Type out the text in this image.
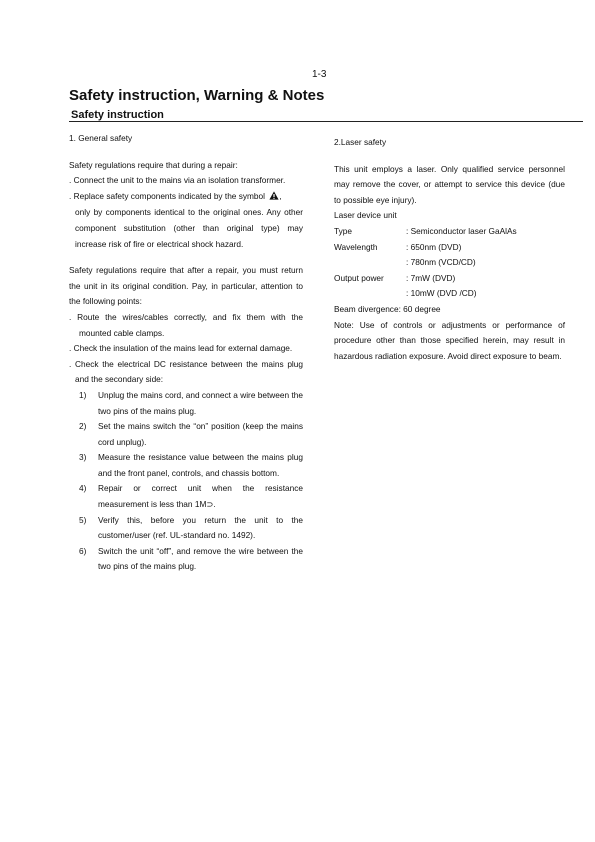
1-3
Safety instruction, Warning & Notes
Safety instruction

1. General safety

Safety regulations require that during a repair:

. Connect the unit to the mains via an isolation transformer.

. Replace safety components indicated by the symbol ,

only by components identical to the original ones. Any other component substitution (other than original type) may increase risk of fire or electrical shock hazard.

Safety regulations require that after a repair, you must return the unit in its original condition. Pay, in particular, attention to the following points:

. Route the wires/cables correctly, and fix them with the mounted cable clamps.

. Check the insulation of the mains lead for external damage.

. Check the electrical DC resistance between the mains plug and the secondary side:

1) Unplug the mains cord, and connect a wire between the two pins of the mains plug.
2) Set the mains switch the “on” position (keep the mains cord unplug).
3) Measure the resistance value between the mains plug and the front panel, controls, and chassis bottom.
4) Repair or correct unit when the resistance measurement is less than 1M⊃.
5) Verify this, before you return the unit to the customer/user (ref. UL-standard no. 1492).
6) Switch the unit “off”, and remove the wire between the two pins of the mains plug.

2.Laser safety

This unit employs a laser. Only qualified service personnel may remove the cover, or attempt to service this device (due to possible eye injury).

Laser device unit

Type	: Semiconductor laser GaAlAs
Wavelength	: 650nm (DVD)
: 780nm (VCD/CD)
Output power	: 7mW (DVD)
: 10mW (DVD /CD)

Beam divergence: 60 degree

Note: Use of controls or adjustments or performance of procedure other than those specified herein, may result in hazardous radiation exposure. Avoid direct exposure to beam.
